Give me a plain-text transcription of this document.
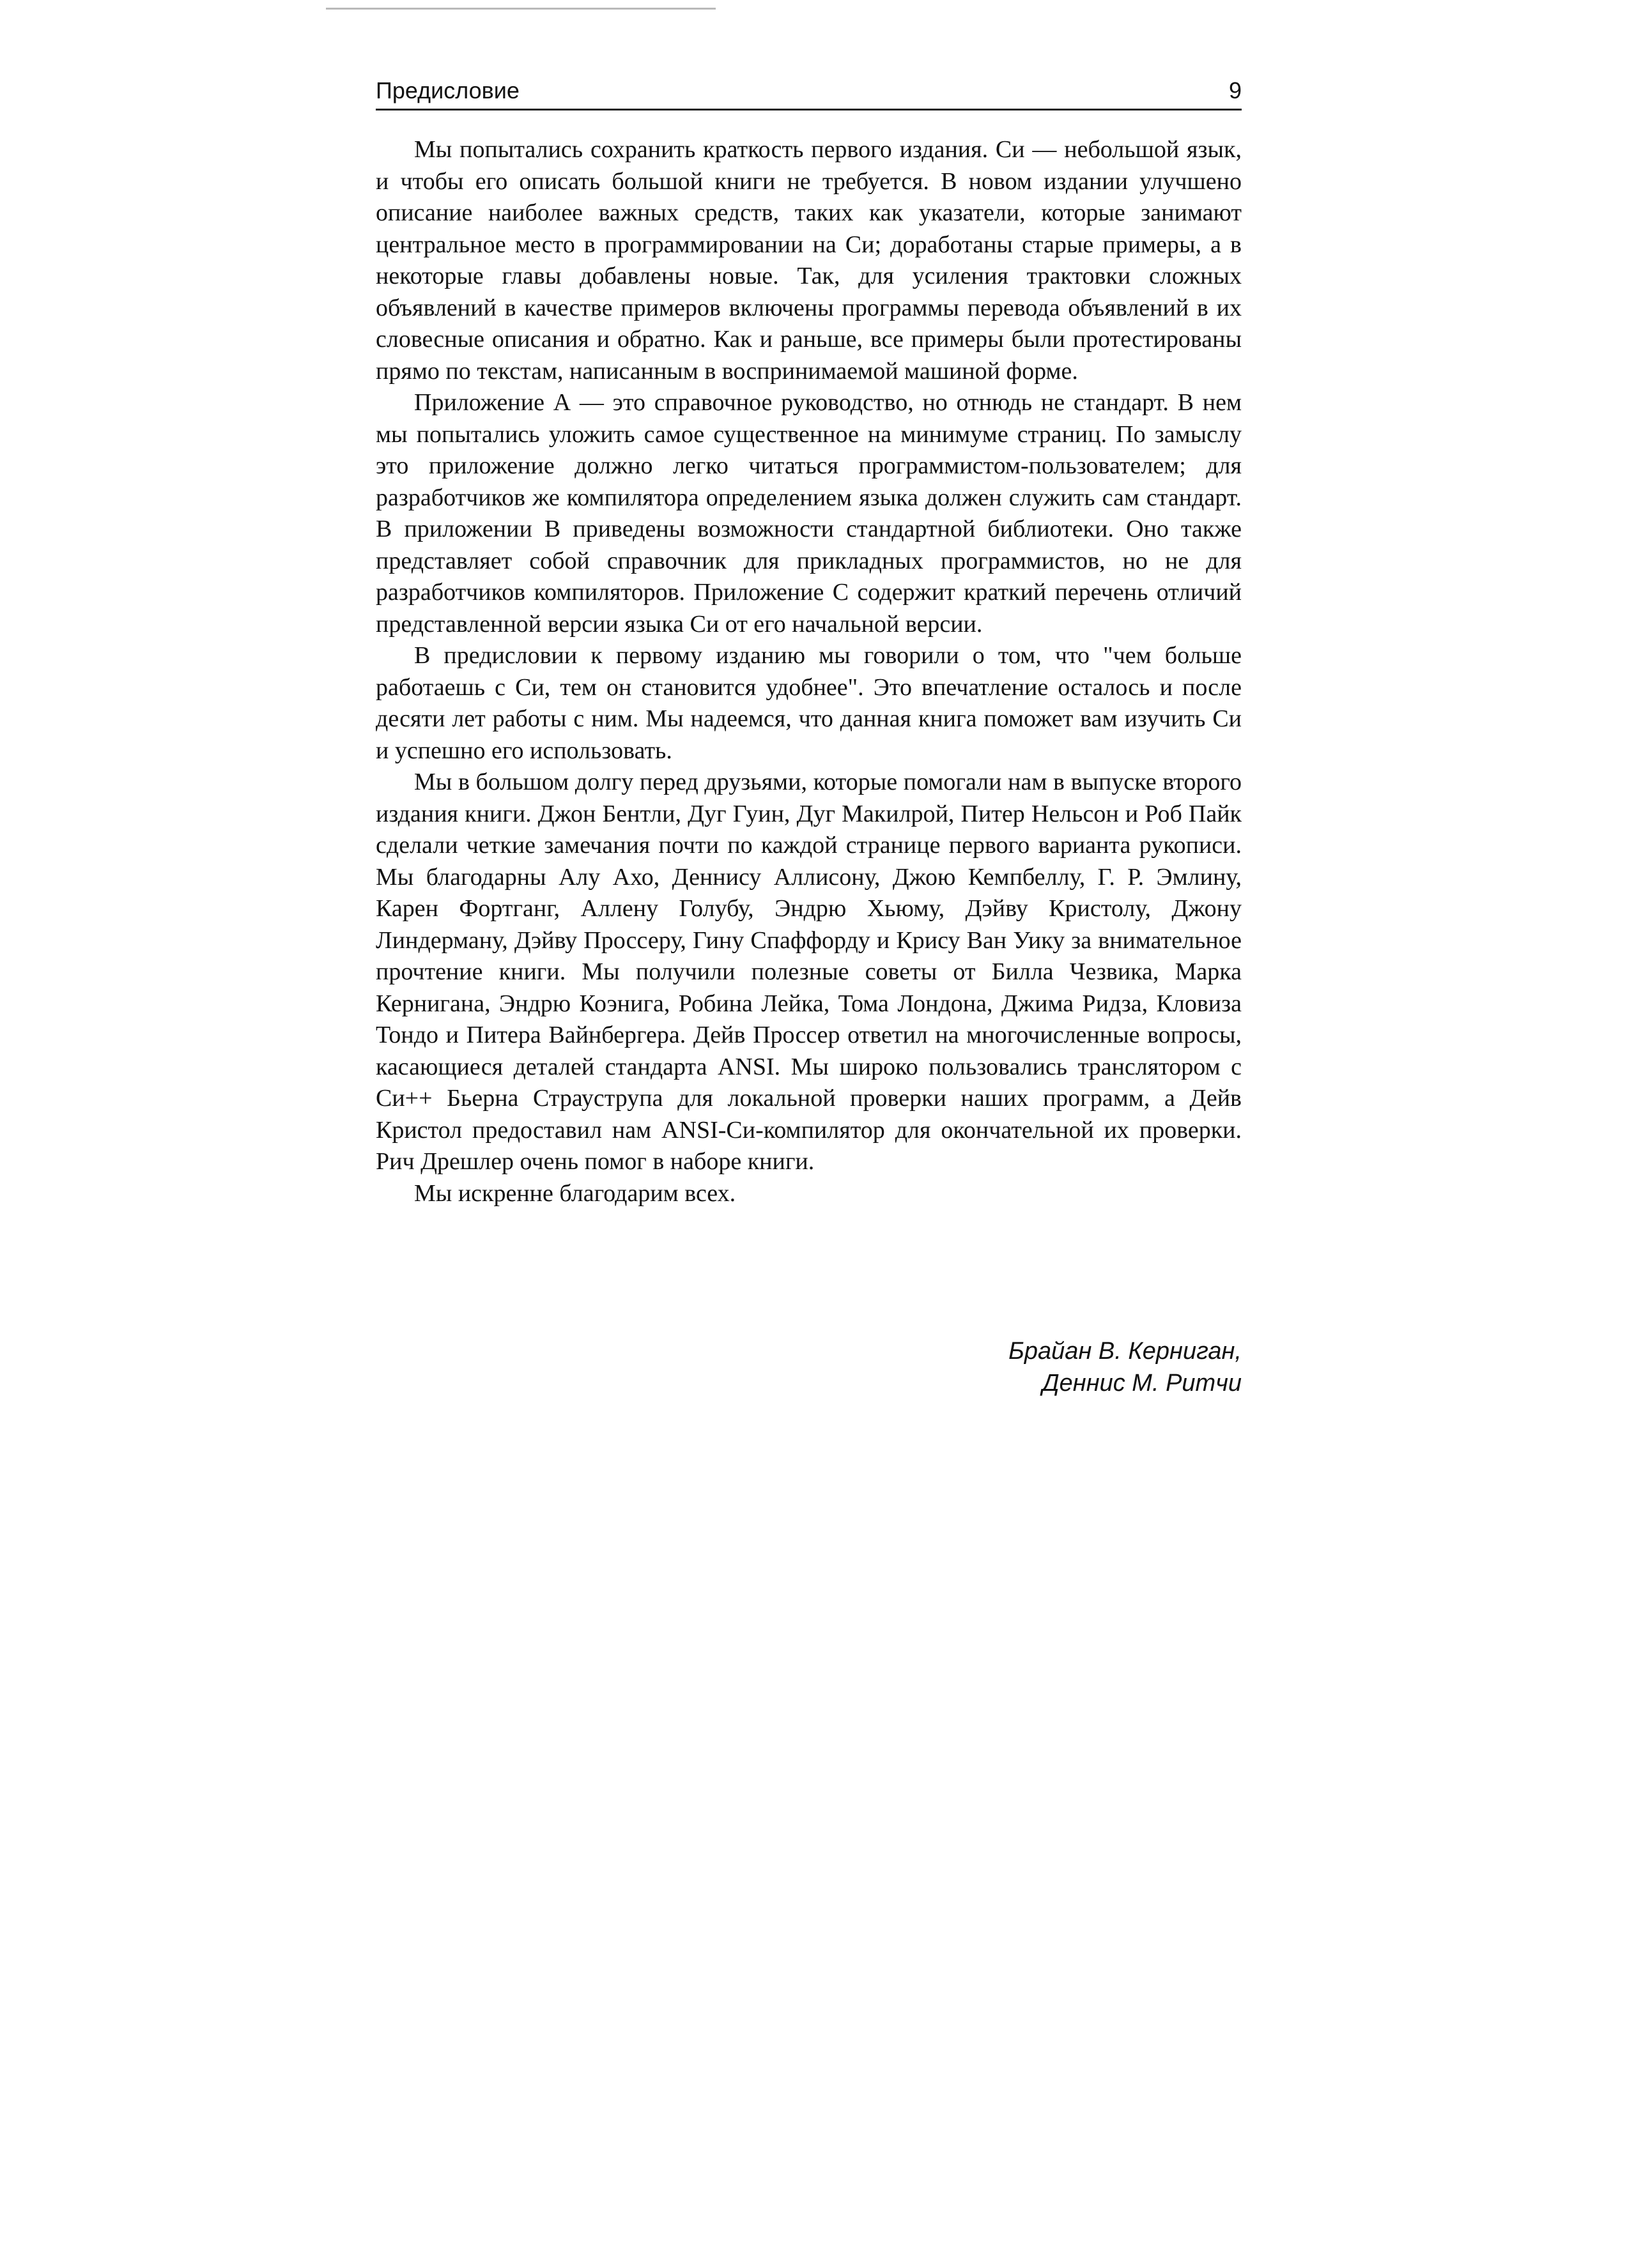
Предисловие	9

Мы попытались сохранить краткость первого издания. Си — небольшой язык, и чтобы его описать большой книги не требуется. В новом издании улучшено описание наиболее важных средств, таких как указатели, которые занимают центральное место в программировании на Си; доработаны старые примеры, а в некоторые главы добавлены новые. Так, для усиления трактовки сложных объявлений в качестве примеров включены программы перевода объявлений в их словесные описания и обратно. Как и раньше, все примеры были протестированы прямо по текстам, написанным в воспринимаемой машиной форме.

Приложение А — это справочное руководство, но отнюдь не стандарт. В нем мы попытались уложить самое существенное на минимуме страниц. По замыслу это приложение должно легко читаться программистом-пользователем; для разработчиков же компилятора определением языка должен служить сам стандарт. В приложении В приведены возможности стандартной библиотеки. Оно также представляет собой справочник для прикладных программистов, но не для разработчиков компиляторов. Приложение С содержит краткий перечень отличий представленной версии языка Си от его начальной версии.

В предисловии к первому изданию мы говорили о том, что "чем больше работаешь с Си, тем он становится удобнее". Это впечатление осталось и после десяти лет работы с ним. Мы надеемся, что данная книга поможет вам изучить Си и успешно его использовать.

Мы в большом долгу перед друзьями, которые помогали нам в выпуске второго издания книги. Джон Бентли, Дуг Гуин, Дуг Макилрой, Питер Нельсон и Роб Пайк сделали четкие замечания почти по каждой странице первого варианта рукописи. Мы благодарны Алу Ахо, Деннису Аллисону, Джою Кемпбеллу, Г. Р. Эмлину, Карен Фортганг, Аллену Голубу, Эндрю Хьюму, Дэйву Кристолу, Джону Линдерману, Дэйву Проссеру, Гину Спаффорду и Крису Ван Уику за внимательное прочтение книги. Мы получили полезные советы от Билла Чезвика, Марка Кернигана, Эндрю Коэнига, Робина Лейка, Тома Лондона, Джима Ридза, Кловиза Тондо и Питера Вайнбергера. Дейв Проссер ответил на многочисленные вопросы, касающиеся деталей стандарта ANSI. Мы широко пользовались транслятором с Си++ Бьерна Страуструпа для локальной проверки наших программ, а Дейв Кристол предоставил нам ANSI-Си-компилятор для окончательной их проверки. Рич Дрешлер очень помог в наборе книги.

Мы искренне благодарим всех.

Брайан В. Керниган,
Деннис М. Ритчи
